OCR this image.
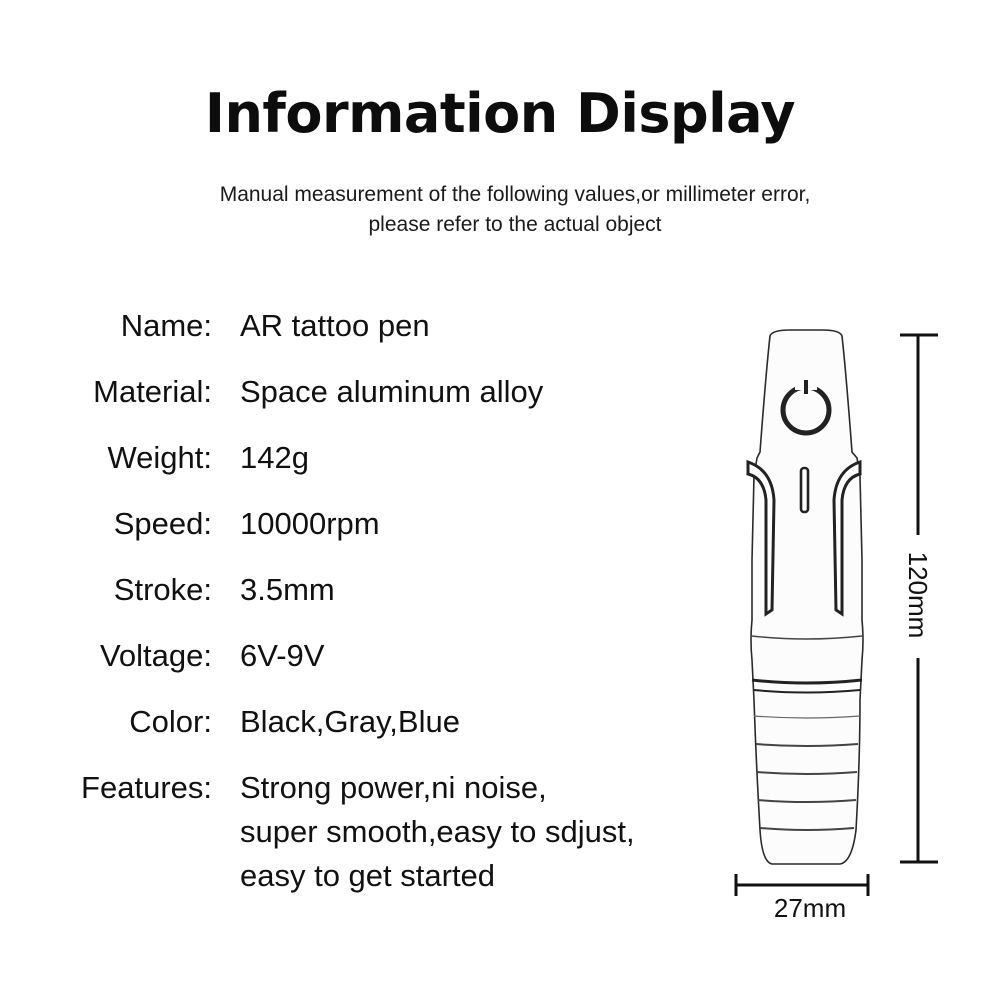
Information Display
Manual measurement of the following values,or millimeter error,
please refer to the actual object
Name: AR tattoo pen
Material: Space aluminum alloy
Weight: 142g
Speed: 10000rpm
Stroke: 3.5mm
Voltage: 6V-9V
Color: Black,Gray,Blue
Features: Strong power,ni noise,
super smooth,easy to sdjust,
easy to get started
120mm
27mm
